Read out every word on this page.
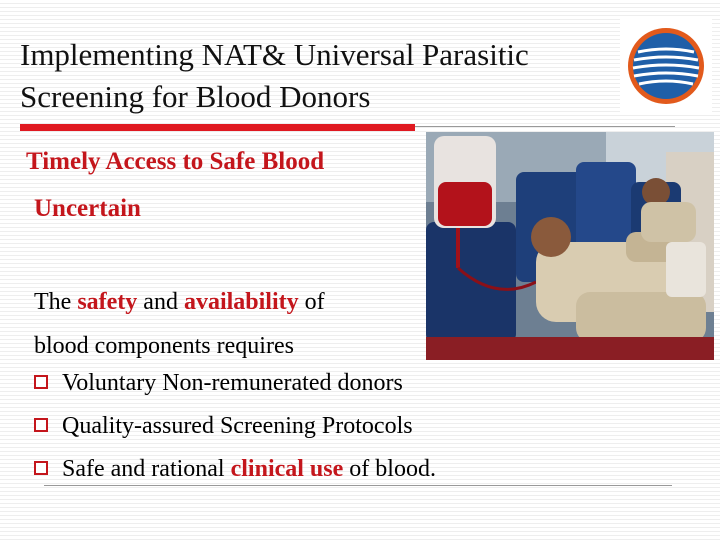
Implementing NAT& Universal Parasitic
Screening for Blood Donors
Timely Access to Safe Blood
Uncertain
The safety and availability of
blood components requires
Voluntary Non-remunerated donors
Quality-assured Screening Protocols
Safe and rational clinical use of blood.
